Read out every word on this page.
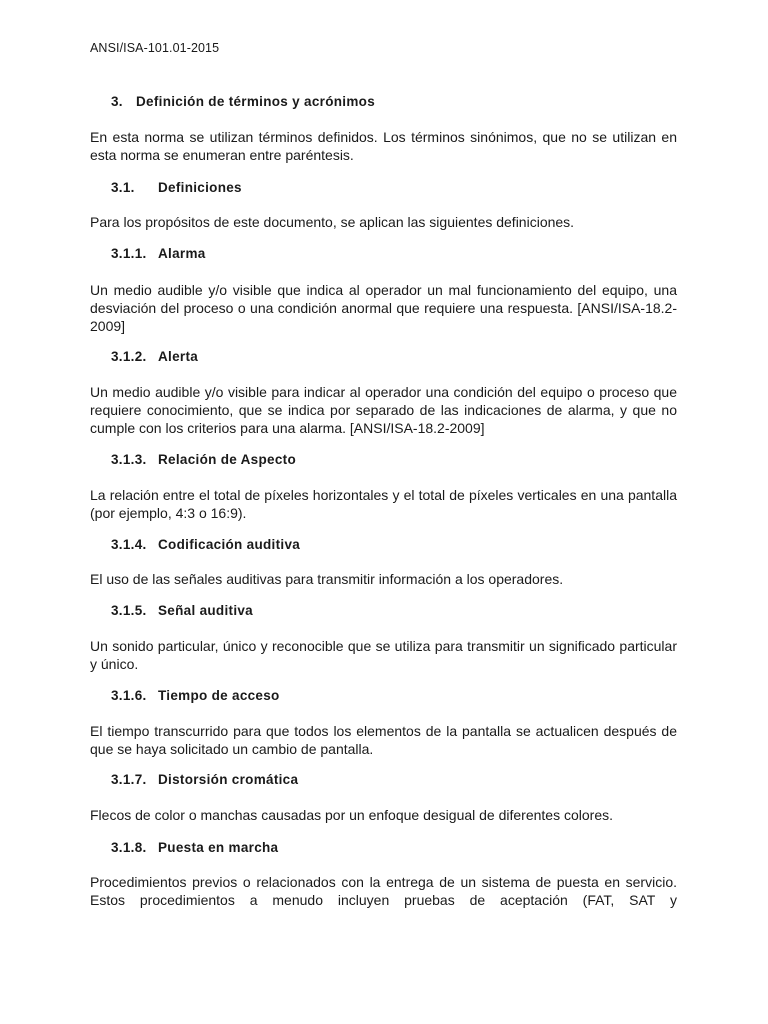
ANSI/ISA-101.01-2015
3. Definición de términos y acrónimos
En esta norma se utilizan términos definidos. Los términos sinónimos, que no se utilizan en esta norma se enumeran entre paréntesis.
3.1. Definiciones
Para los propósitos de este documento, se aplican las siguientes definiciones.
3.1.1. Alarma
Un medio audible y/o visible que indica al operador un mal funcionamiento del equipo, una desviación del proceso o una condición anormal que requiere una respuesta. [ANSI/ISA-18.2-2009]
3.1.2. Alerta
Un medio audible y/o visible para indicar al operador una condición del equipo o proceso que requiere conocimiento, que se indica por separado de las indicaciones de alarma, y que no cumple con los criterios para una alarma. [ANSI/ISA-18.2-2009]
3.1.3. Relación de Aspecto
La relación entre el total de píxeles horizontales y el total de píxeles verticales en una pantalla (por ejemplo, 4:3 o 16:9).
3.1.4. Codificación auditiva
El uso de las señales auditivas para transmitir información a los operadores.
3.1.5. Señal auditiva
Un sonido particular, único y reconocible que se utiliza para transmitir un significado particular y único.
3.1.6. Tiempo de acceso
El tiempo transcurrido para que todos los elementos de la pantalla se actualicen después de que se haya solicitado un cambio de pantalla.
3.1.7. Distorsión cromática
Flecos de color o manchas causadas por un enfoque desigual de diferentes colores.
3.1.8. Puesta en marcha
Procedimientos previos o relacionados con la entrega de un sistema de puesta en servicio. Estos procedimientos a menudo incluyen pruebas de aceptación (FAT, SAT y
